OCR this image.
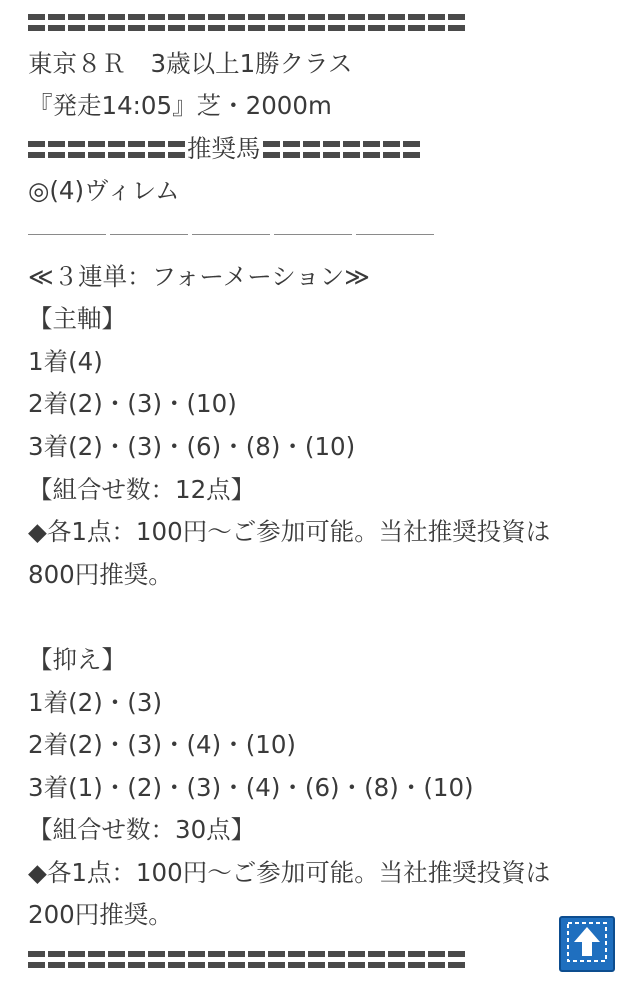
東京８Ｒ　3歳以上1勝クラス
『発走14:05』芝・2000m
推奨馬
◎(4)ヴィレム
≪３連単：フォーメーション≫
【主軸】
1着(4)
2着(2)・(3)・(10)
3着(2)・(3)・(6)・(8)・(10)
【組合せ数：12点】
◆各1点：100円〜ご参加可能。当社推奨投資は
800円推奨。
【抑え】
1着(2)・(3)
2着(2)・(3)・(4)・(10)
3着(1)・(2)・(3)・(4)・(6)・(8)・(10)
【組合せ数：30点】
◆各1点：100円〜ご参加可能。当社推奨投資は
200円推奨。
